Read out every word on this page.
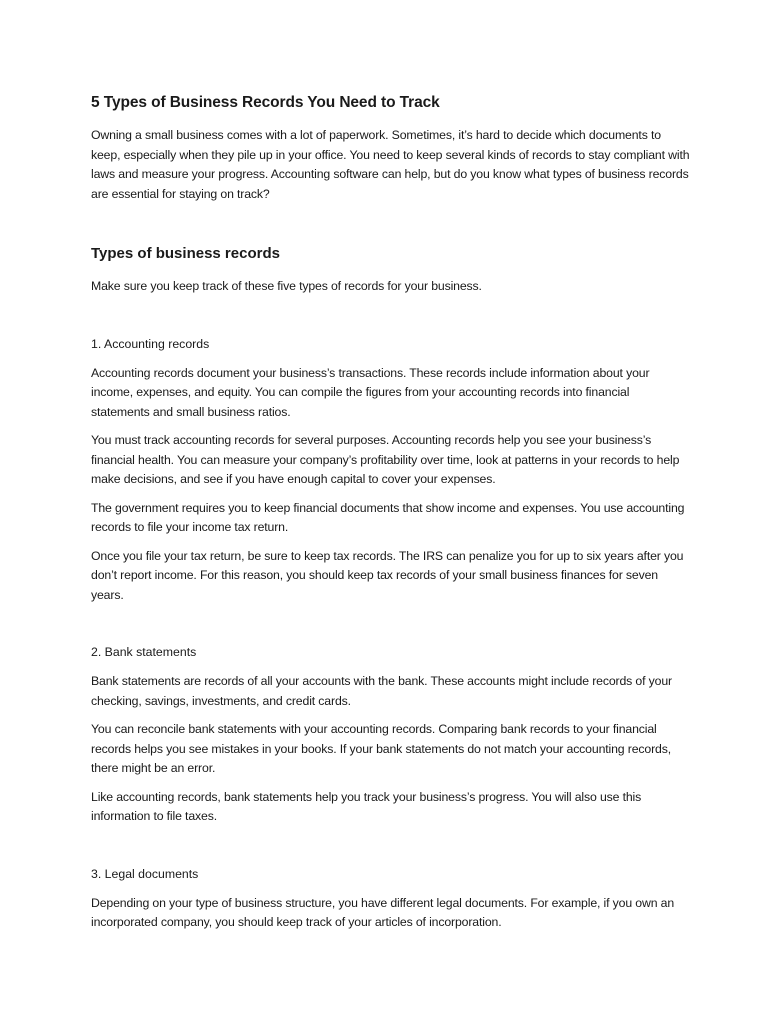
5 Types of Business Records You Need to Track

Owning a small business comes with a lot of paperwork. Sometimes, it’s hard to decide which documents to keep, especially when they pile up in your office. You need to keep several kinds of records to stay compliant with laws and measure your progress. Accounting software can help, but do you know what types of business records are essential for staying on track?

Types of business records

Make sure you keep track of these five types of records for your business.

1. Accounting records

Accounting records document your business’s transactions. These records include information about your income, expenses, and equity. You can compile the figures from your accounting records into financial statements and small business ratios.

You must track accounting records for several purposes. Accounting records help you see your business’s financial health. You can measure your company’s profitability over time, look at patterns in your records to help make decisions, and see if you have enough capital to cover your expenses.

The government requires you to keep financial documents that show income and expenses. You use accounting records to file your income tax return.

Once you file your tax return, be sure to keep tax records. The IRS can penalize you for up to six years after you don’t report income. For this reason, you should keep tax records of your small business finances for seven years.

2. Bank statements

Bank statements are records of all your accounts with the bank. These accounts might include records of your checking, savings, investments, and credit cards.

You can reconcile bank statements with your accounting records. Comparing bank records to your financial records helps you see mistakes in your books. If your bank statements do not match your accounting records, there might be an error.

Like accounting records, bank statements help you track your business’s progress. You will also use this information to file taxes.

3. Legal documents

Depending on your type of business structure, you have different legal documents. For example, if you own an incorporated company, you should keep track of your articles of incorporation.
